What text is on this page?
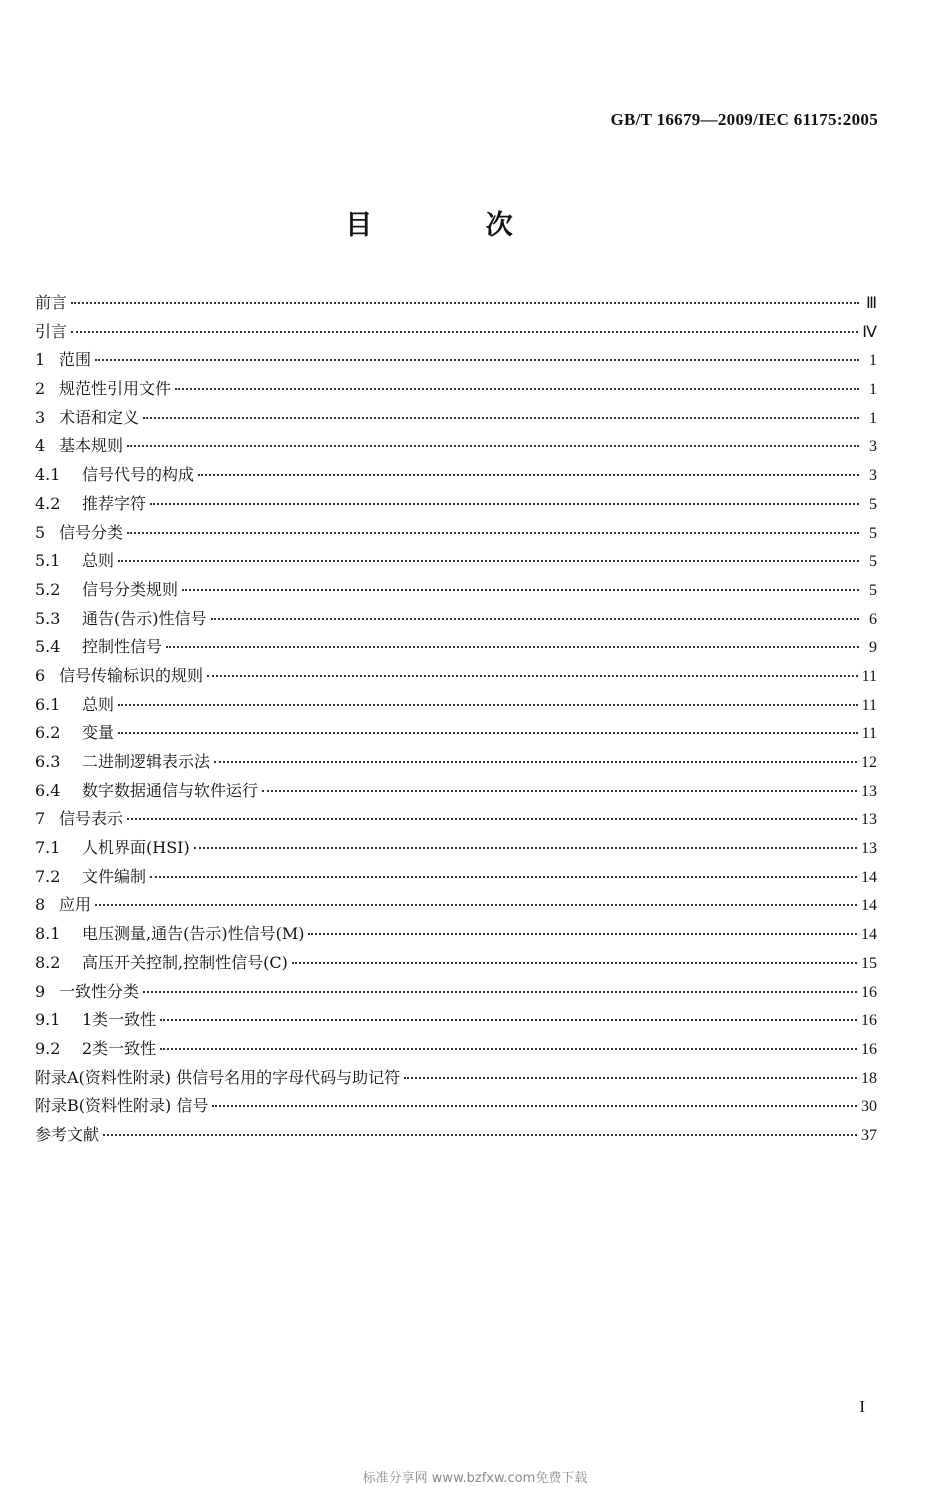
GB/T 16679—2009/IEC 61175:2005
目 次
前言	Ⅲ
引言	Ⅳ
1 范围	1
2 规范性引用文件	1
3 术语和定义	1
4 基本规则	3
4.1	信号代号的构成	3
4.2	推荐字符	5
5 信号分类	5
5.1	总则	5
5.2	信号分类规则	5
5.3	通告(告示)性信号	6
5.4	控制性信号	9
6 信号传输标识的规则	11
6.1	总则	11
6.2	变量	11
6.3	二进制逻辑表示法	12
6.4	数字数据通信与软件运行	13
7 信号表示	13
7.1	人机界面(HSI)	13
7.2	文件编制	14
8 应用	14
8.1	电压测量,通告(告示)性信号(M)	14
8.2	高压开关控制,控制性信号(C)	15
9 一致性分类	16
9.1	1类一致性	16
9.2	2类一致性	16
附录A(资料性附录) 供信号名用的字母代码与助记符	18
附录B(资料性附录) 信号	30
参考文献	37
I
标准分享网 www.bzfxw.com免费下载
